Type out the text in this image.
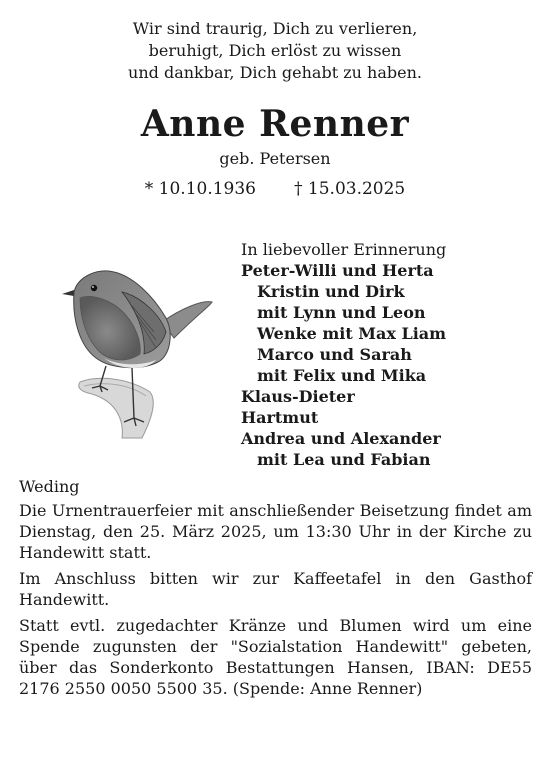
Wir sind traurig, Dich zu verlieren,
beruhigt, Dich erlöst zu wissen
und dankbar, Dich gehabt zu haben.
Anne Renner
geb. Petersen
* 10.10.1936 † 15.03.2025
In liebevoller Erinnerung
Peter-Willi und Herta
Kristin und Dirk
mit Lynn und Leon
Wenke mit Max Liam
Marco und Sarah
mit Felix und Mika
Klaus-Dieter
Hartmut
Andrea und Alexander
mit Lea und Fabian

Weding

Die Urnentrauerfeier mit anschließender Beisetzung findet am Dienstag, den 25. März 2025, um 13:30 Uhr in der Kirche zu Handewitt statt.

Im Anschluss bitten wir zur Kaffeetafel in den Gasthof Handewitt.

Statt evtl. zugedachter Kränze und Blumen wird um eine Spende zugunsten der "Sozialstation Handewitt" gebeten, über das Sonderkonto Bestattungen Hansen, IBAN: DE55 2176 2550 0050 5500 35. (Spende: Anne Renner)
